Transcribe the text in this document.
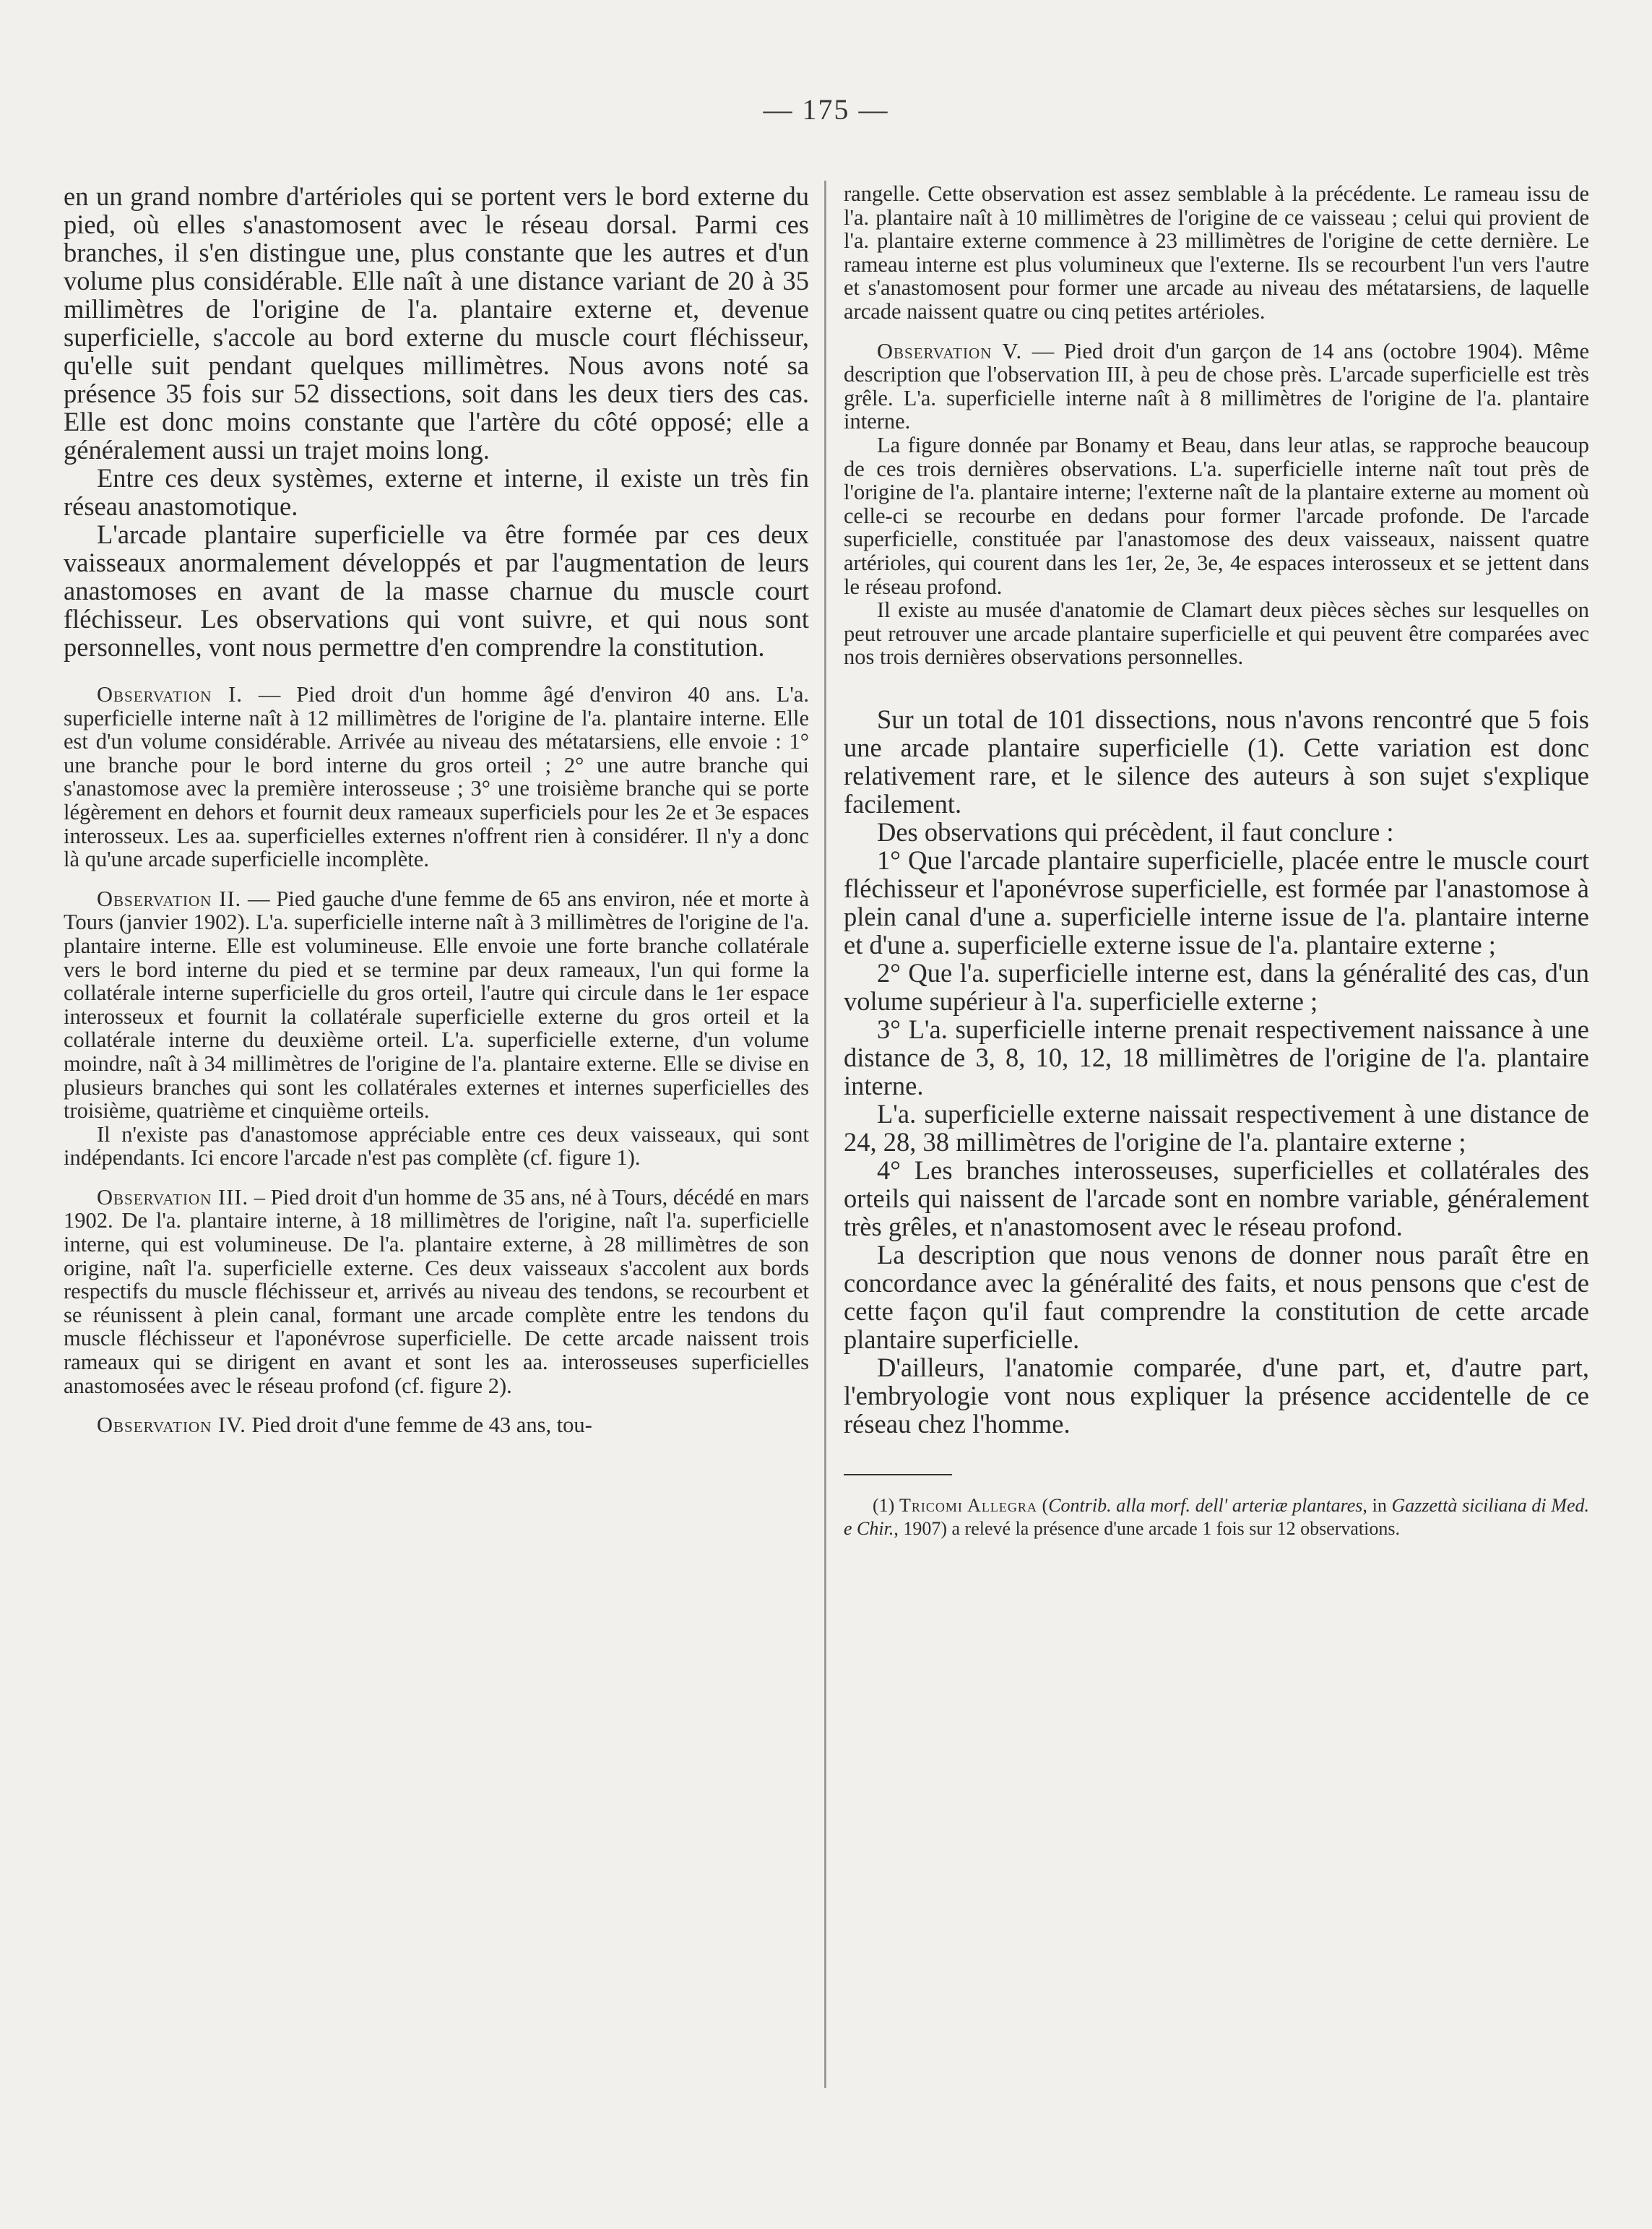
— 175 —

en un grand nombre d'artérioles qui se portent vers le bord externe du pied, où elles s'anastomosent avec le réseau dorsal. Parmi ces branches, il s'en distingue une, plus constante que les autres et d'un volume plus considérable. Elle naît à une distance variant de 20 à 35 millimètres de l'origine de l'a. plantaire externe et, devenue superficielle, s'accole au bord externe du muscle court fléchisseur, qu'elle suit pendant quelques millimètres. Nous avons noté sa présence 35 fois sur 52 dissections, soit dans les deux tiers des cas. Elle est donc moins constante que l'artère du côté opposé; elle a généralement aussi un trajet moins long.

Entre ces deux systèmes, externe et interne, il existe un très fin réseau anastomotique.

L'arcade plantaire superficielle va être formée par ces deux vaisseaux anormalement développés et par l'augmentation de leurs anastomoses en avant de la masse charnue du muscle court fléchisseur. Les observations qui vont suivre, et qui nous sont personnelles, vont nous permettre d'en comprendre la constitution.

Observation I. — Pied droit d'un homme âgé d'environ 40 ans. L'a. superficielle interne naît à 12 millimètres de l'origine de l'a. plantaire interne. Elle est d'un volume considérable. Arrivée au niveau des métatarsiens, elle envoie : 1° une branche pour le bord interne du gros orteil ; 2° une autre branche qui s'anastomose avec la première interosseuse ; 3° une troisième branche qui se porte légèrement en dehors et fournit deux rameaux superficiels pour les 2e et 3e espaces interosseux. Les aa. superficielles externes n'offrent rien à considérer. Il n'y a donc là qu'une arcade superficielle incomplète.

Observation II. — Pied gauche d'une femme de 65 ans environ, née et morte à Tours (janvier 1902). L'a. superficielle interne naît à 3 millimètres de l'origine de l'a. plantaire interne. Elle est volumineuse. Elle envoie une forte branche collatérale vers le bord interne du pied et se termine par deux rameaux, l'un qui forme la collatérale interne superficielle du gros orteil, l'autre qui circule dans le 1er espace interosseux et fournit la collatérale superficielle externe du gros orteil et la collatérale interne du deuxième orteil. L'a. superficielle externe, d'un volume moindre, naît à 34 millimètres de l'origine de l'a. plantaire externe. Elle se divise en plusieurs branches qui sont les collatérales externes et internes superficielles des troisième, quatrième et cinquième orteils.

Il n'existe pas d'anastomose appréciable entre ces deux vaisseaux, qui sont indépendants. Ici encore l'arcade n'est pas complète (cf. figure 1).

Observation III. – Pied droit d'un homme de 35 ans, né à Tours, décédé en mars 1902. De l'a. plantaire interne, à 18 millimètres de l'origine, naît l'a. superficielle interne, qui est volumineuse. De l'a. plantaire externe, à 28 millimètres de son origine, naît l'a. superficielle externe. Ces deux vaisseaux s'accolent aux bords respectifs du muscle fléchisseur et, arrivés au niveau des tendons, se recourbent et se réunissent à plein canal, formant une arcade complète entre les tendons du muscle fléchisseur et l'aponévrose superficielle. De cette arcade naissent trois rameaux qui se dirigent en avant et sont les aa. interosseuses superficielles anastomosées avec le réseau profond (cf. figure 2).

Observation IV. Pied droit d'une femme de 43 ans, tou-

rangelle. Cette observation est assez semblable à la précédente. Le rameau issu de l'a. plantaire naît à 10 millimètres de l'origine de ce vaisseau ; celui qui provient de l'a. plantaire externe commence à 23 millimètres de l'origine de cette dernière. Le rameau interne est plus volumineux que l'externe. Ils se recourbent l'un vers l'autre et s'anastomosent pour former une arcade au niveau des métatarsiens, de laquelle arcade naissent quatre ou cinq petites artérioles.

Observation V. — Pied droit d'un garçon de 14 ans (octobre 1904). Même description que l'observation III, à peu de chose près. L'arcade superficielle est très grêle. L'a. superficielle interne naît à 8 millimètres de l'origine de l'a. plantaire interne.

La figure donnée par Bonamy et Beau, dans leur atlas, se rapproche beaucoup de ces trois dernières observations. L'a. superficielle interne naît tout près de l'origine de l'a. plantaire interne; l'externe naît de la plantaire externe au moment où celle-ci se recourbe en dedans pour former l'arcade profonde. De l'arcade superficielle, constituée par l'anastomose des deux vaisseaux, naissent quatre artérioles, qui courent dans les 1er, 2e, 3e, 4e espaces interosseux et se jettent dans le réseau profond.

Il existe au musée d'anatomie de Clamart deux pièces sèches sur lesquelles on peut retrouver une arcade plantaire superficielle et qui peuvent être comparées avec nos trois dernières observations personnelles.

Sur un total de 101 dissections, nous n'avons rencontré que 5 fois une arcade plantaire superficielle (1). Cette variation est donc relativement rare, et le silence des auteurs à son sujet s'explique facilement.

Des observations qui précèdent, il faut conclure :

1° Que l'arcade plantaire superficielle, placée entre le muscle court fléchisseur et l'aponévrose superficielle, est formée par l'anastomose à plein canal d'une a. superficielle interne issue de l'a. plantaire interne et d'une a. superficielle externe issue de l'a. plantaire externe ;

2° Que l'a. superficielle interne est, dans la généralité des cas, d'un volume supérieur à l'a. superficielle externe ;

3° L'a. superficielle interne prenait respectivement naissance à une distance de 3, 8, 10, 12, 18 millimètres de l'origine de l'a. plantaire interne.

L'a. superficielle externe naissait respectivement à une distance de 24, 28, 38 millimètres de l'origine de l'a. plantaire externe ;

4° Les branches interosseuses, superficielles et collatérales des orteils qui naissent de l'arcade sont en nombre variable, généralement très grêles, et n'anastomosent avec le réseau profond.

La description que nous venons de donner nous paraît être en concordance avec la généralité des faits, et nous pensons que c'est de cette façon qu'il faut comprendre la constitution de cette arcade plantaire superficielle.

D'ailleurs, l'anatomie comparée, d'une part, et, d'autre part, l'embryologie vont nous expliquer la présence accidentelle de ce réseau chez l'homme.

(1) Tricomi Allegra (Contrib. alla morf. dell' arteriæ plantares, in Gazzettà siciliana di Med. e Chir., 1907) a relevé la présence d'une arcade 1 fois sur 12 observations.
